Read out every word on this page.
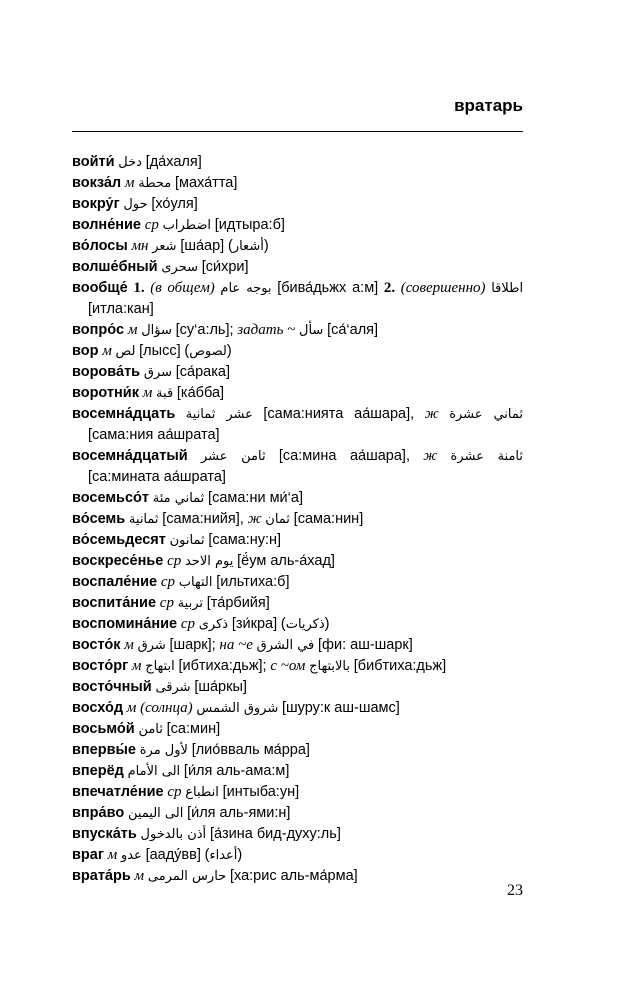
вратарь
войти́ دخل [да́халя]
вокза́л м محطة [маха́тта]
вокру́г حول [хо́уля]
волне́ние ср اضطراب [идтыра:б]
во́лосы мн شعر [ша́ар] (أشعار)
волше́бный سحرى [си́хри]
вообще́ 1. (в общем) بوجه عام [бива́дьжх а:м] 2. (совершенно) اطلاقا [итла:кан]
вопро́с м سؤال [су‘а:ль]; задать ~ سأل [са́‘аля]
вор м لص [лысс] (لصوص)
ворова́ть سرق [са́рака]
воротни́к м قبة [ка́бба]
восемна́дцать عشر ثمانية [сама:нията аа́шара], ж ثماني عشرة [сама:ния аа́шрата]
восемна́дцатый ثامن عشر [са:мина аа́шара], ж ثامنة عشرة [са:мината аа́шрата]
восемьсо́т ثماني مئة [сама:ни ми́‘а]
во́семь ثمانية [сама:нийя], ж ثمان [сама:нин]
во́семьдесят ثمانون [сама:ну:н]
воскресе́нье ср يوم الاحد [ё́ум аль-а́хад]
воспале́ние ср التهاب [ильтиха:б]
воспита́ние ср تربية [та́рбийя]
воспомина́ние ср ذكرى [зи́кра] (ذكريات)
восто́к м شرق [шарк]; на ~е في الشرق [фи: аш-шарк]
восто́рг м ابتهاج [ибтиха:дьж]; с ~ом بالابتهاج [бибтиха:дьж]
восто́чный شرقى [ша́ркы]
восхо́д м (солнца) شروق الشمس [шуру:к аш-шамс]
восьмо́й ثامن [са:мин]
впервы́е لأول مرة [лио́вваль ма́рра]
вперёд الى الأمام [и́ля аль-ама:м]
впечатле́ние ср انطباع [интыба:ун]
впра́во الى اليمين [и́ля аль-ями:н]
впуска́ть أذن بالدخول [а́зина бид-духу:ль]
враг м عدو [аадýвв] (أعداء)
врата́рь м حارس المرمى [ха:рис аль-ма́рма]
23
